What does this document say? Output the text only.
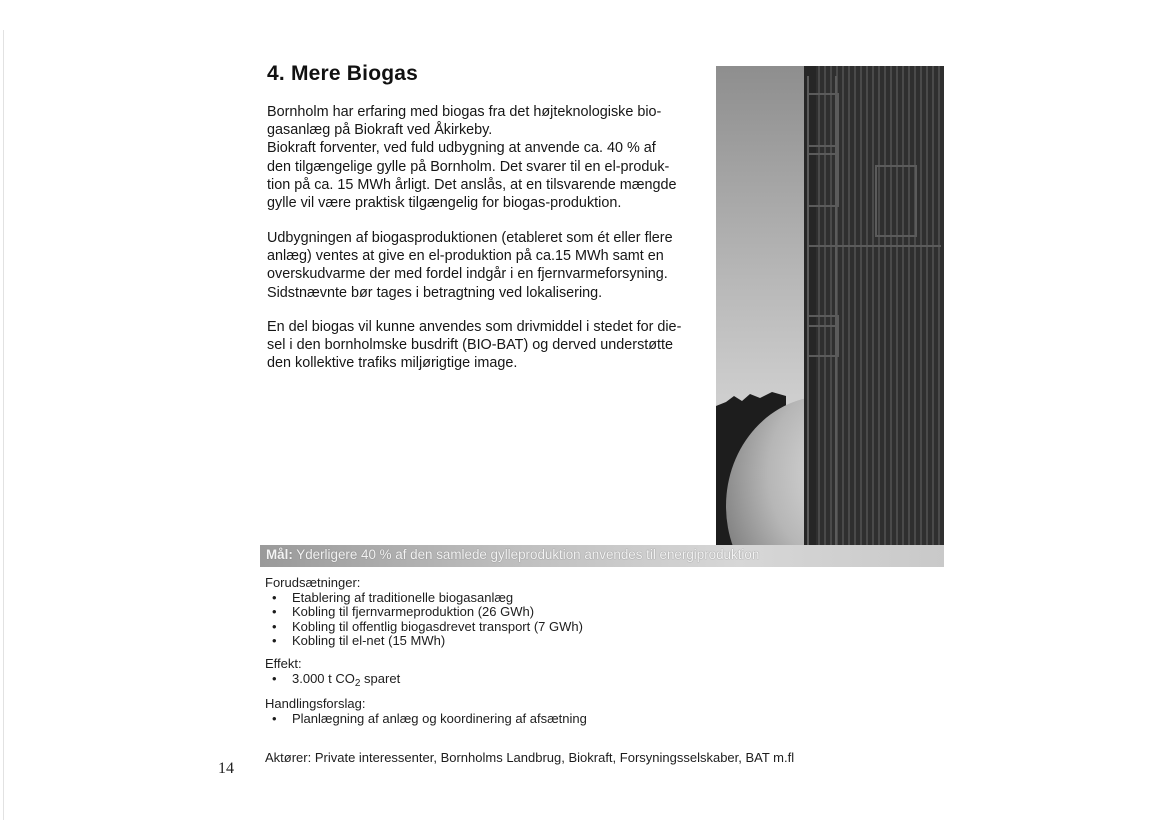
4. Mere Biogas

Bornholm har erfaring med biogas fra det højteknologiske bio-
gasanlæg på Biokraft ved Åkirkeby.
Biokraft forventer, ved fuld udbygning at anvende ca. 40 % af
den tilgængelige gylle på Bornholm. Det svarer til en el-produk-
tion på ca. 15 MWh årligt. Det anslås, at en tilsvarende mængde
gylle vil være praktisk tilgængelig for biogas-produktion.

Udbygningen af biogasproduktionen (etableret som ét eller flere
anlæg) ventes at give en el-produktion på ca.15 MWh samt en
overskudvarme der med fordel indgår i en fjernvarmeforsyning.
Sidstnævnte bør tages i betragtning ved lokalisering.

En del biogas vil kunne anvendes som drivmiddel i stedet for die-
sel i den bornholmske busdrift (BIO-BAT) og derved understøtte
den kollektive trafiks miljørigtige image.

Mål: Yderligere 40 % af den samlede gylleproduktion anvendes til energiproduktion
Forudsætninger:
• Etablering af traditionelle biogasanlæg
• Kobling til fjernvarmeproduktion (26 GWh)
• Kobling til offentlig biogasdrevet transport (7 GWh)
• Kobling til el-net (15 MWh)
Effekt:
• 3.000 t $CO_2$ sparet
Handlingsforslag:
• Planlægning af anlæg og koordinering af afsætning
Aktører: Private interessenter, Bornholms Landbrug, Biokraft, Forsyningsselskaber, BAT m.fl
14
